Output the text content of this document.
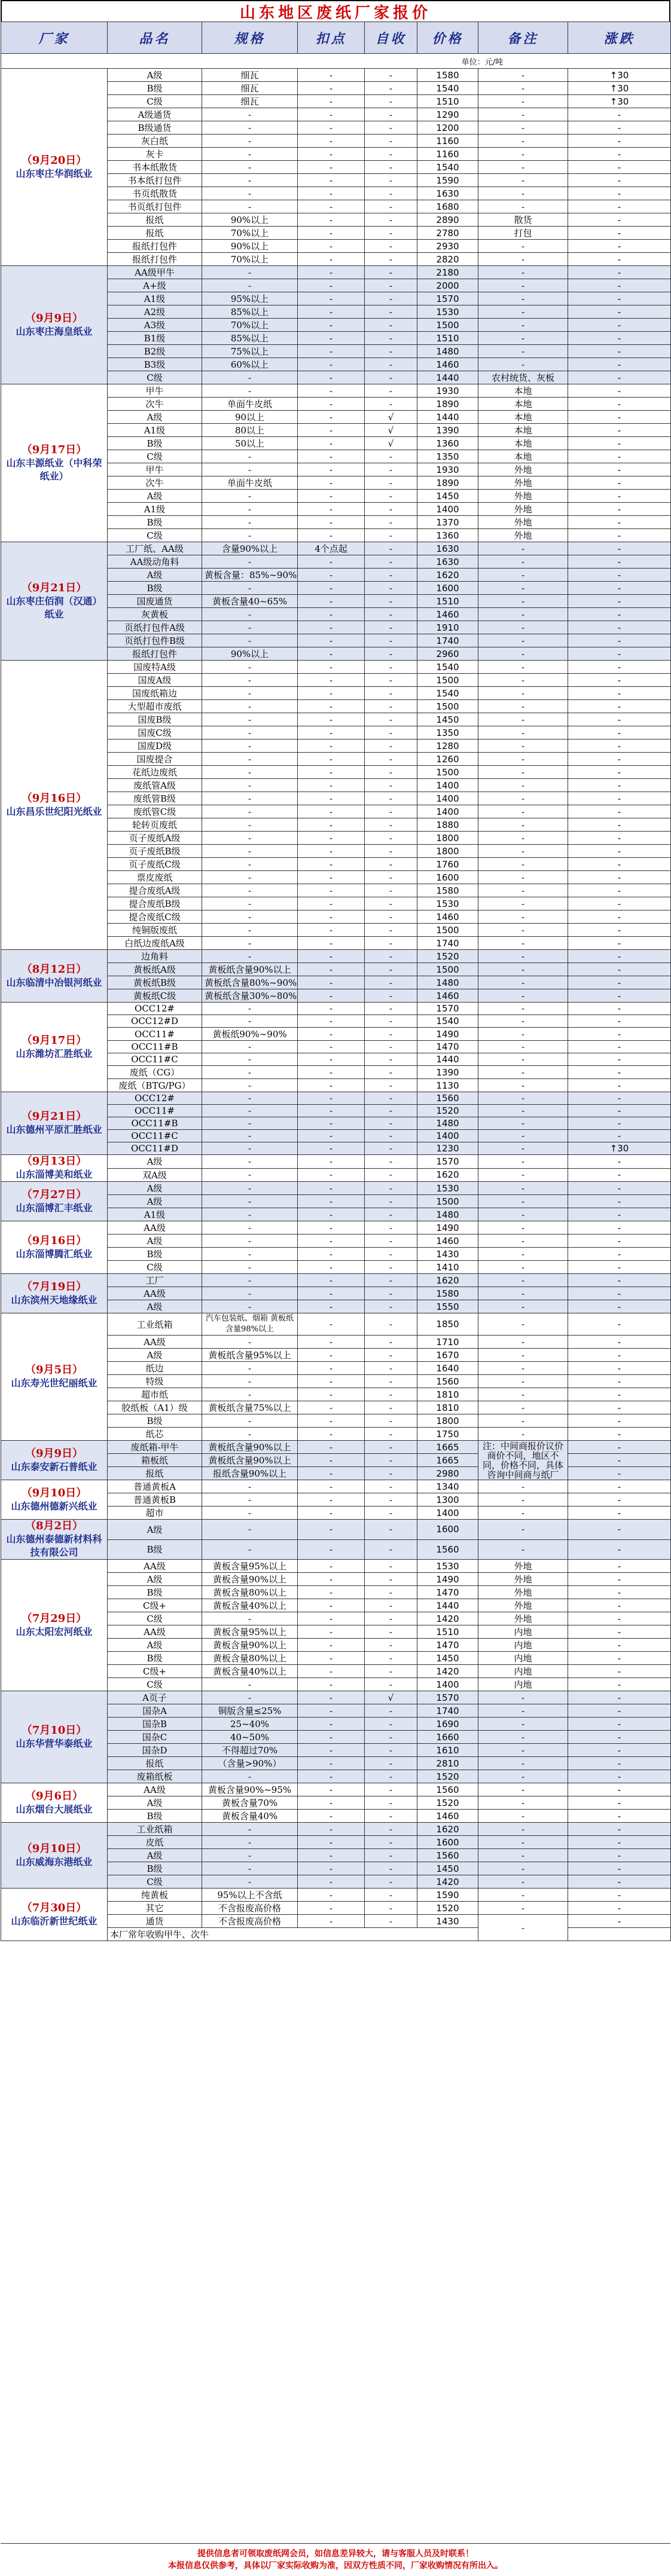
山东地区废纸厂家报价
厂家	品名	规格	扣点	自收	价格	备注	涨跌
单位：元/吨							

（9月20日）
山东枣庄华润纸业	A级	细瓦	-	-	1580	-	↑30
	B级	细瓦	-	-	1540	-	↑30
	C级	细瓦	-	-	1510	-	↑30
	A级通货	-	-	-	1290	-	-
	B级通货	-	-	-	1200	-	-
	灰白纸	-	-	-	1160	-	-
	灰卡	-	-	-	1160	-	-
	书本纸散货	-	-	-	1540	-	-
	书本纸打包件	-	-	-	1590	-	-
	书页纸散货	-	-	-	1630	-	-
	书页纸打包件	-	-	-	1680	-	-
	报纸	90%以上	-	-	2890	散货	-
	报纸	70%以上	-	-	2780	打包	-
	报纸打包件	90%以上	-	-	2930	-	-
	报纸打包件	70%以上	-	-	2820	-	-

（9月9日）
山东枣庄海皇纸业	AA级甲牛	-	-	-	2180	-	-
	A+级	-	-	-	2000	-	-
	A1级	95%以上	-	-	1570	-	-
	A2级	85%以上	-	-	1530	-	-
	A3级	70%以上	-	-	1500	-	-
	B1级	85%以上	-	-	1510	-	-
	B2级	75%以上	-	-	1480	-	-
	B3级	60%以上	-	-	1460	-	-
	C级	-	-	-	1440	农村统货、灰板	-

（9月17日）
山东丰源纸业（中科荣纸业）	甲牛	-	-	-	1930	本地	-
	次牛	单面牛皮纸	-	-	1890	本地	-
	A级	90以上	-	√	1440	本地	-
	A1级	80以上	-	√	1390	本地	-
	B级	50以上	-	√	1360	本地	-
	C级	-	-	-	1350	本地	-
	甲牛	-	-	-	1930	外地	-
	次牛	单面牛皮纸	-	-	1890	外地	-
	A级	-	-	-	1450	外地	-
	A1级	-	-	-	1400	外地	-
	B级	-	-	-	1370	外地	-
	C级	-	-	-	1360	外地	-

（9月21日）
山东枣庄佰润（汉通）纸业	工厂纸、AA级	含量90%以上	4个点起	-	1630	-	-
	AA级动角料	-	-	-	1630	-	-
	A级	黄板含量：85%~90%	-	-	1620	-	-
	B级	-	-	-	1600	-	-
	国废通货	黄板含量40~65%	-	-	1510	-	-
	灰黄板	-	-	-	1460	-	-
	页纸打包件A级	-	-	-	1910	-	-
	页纸打包件B级	-	-	-	1740	-	-
	报纸打包件	90%以上	-	-	2960	-	-

（9月16日）
山东昌乐世纪阳光纸业	国废特A级	-	-	-	1540	-	-
	国废A级	-	-	-	1500	-	-
	国废纸箱边	-	-	-	1540	-	-
	大型超市废纸	-	-	-	1500	-	-
	国废B级	-	-	-	1450	-	-
	国废C级	-	-	-	1350	-	-
	国废D级	-	-	-	1280	-	-
	国废提合	-	-	-	1260	-	-
	花纸边废纸	-	-	-	1500	-	-
	废纸管A级	-	-	-	1400	-	-
	废纸管B级	-	-	-	1400	-	-
	废纸管C级	-	-	-	1400	-	-
	轮转页废纸	-	-	-	1880	-	-
	页子废纸A级	-	-	-	1800	-	-
	页子废纸B级	-	-	-	1800	-	-
	页子废纸C级	-	-	-	1760	-	-
	票皮废纸	-	-	-	1600	-	-
	提合废纸A级	-	-	-	1580	-	-
	提合废纸B级	-	-	-	1530	-	-
	提合废纸C级	-	-	-	1460	-	-
	纯铜版废纸	-	-	-	1500	-	-
	白纸边废纸A级	-	-	-	1740	-	-

（8月12日）
山东临清中冶银河纸业	边角料	-	-	-	1520	-	-
	黄板纸A级	黄板纸含量90%以上	-	-	1500	-	-
	黄板纸B级	黄板纸含量80%~90%	-	-	1480	-	-
	黄板纸C级	黄板纸含量30%~80%	-	-	1460	-	-

（9月17日）
山东潍坊汇胜纸业	OCC12#	-	-	-	1570	-	-
	OCC12#D	-	-	-	1540	-	-
	OCC11#	黄板纸90%~90%	-	-	1490	-	-
	OCC11#B	-	-	-	1470	-	-
	OCC11#C	-	-	-	1440	-	-
	废纸（CG）	-	-	-	1390	-	-
	废纸（BTG/PG）	-	-	-	1130	-	-

（9月21日）
山东德州平原汇胜纸业	OCC12#	-	-	-	1560	-	-
	OCC11#	-	-	-	1520	-	-
	OCC11#B	-	-	-	1480	-	-
	OCC11#C	-	-	-	1400	-	-
	OCC11#D	-	-	-	1230	-	↑30

（9月13日）
山东淄博美和纸业	A级	-	-	-	1570	-	-
	双A级	-	-	-	1620	-	-

（7月27日）
山东淄博汇丰纸业	A级	-	-	-	1530	-	-
	A级	-	-	-	1500	-	-
	A1级	-	-	-	1480	-	-

（9月16日）
山东淄博腾汇纸业	AA级	-	-	-	1490	-	-
	A级	-	-	-	1460	-	-
	B级	-	-	-	1430	-	-
	C级	-	-	-	1410	-	-

（7月19日）
山东滨州天地缘纸业	工厂	-	-	-	1620	-	-
	AA级	-	-	-	1580	-	-
	A级	-	-	-	1550	-	-

（9月5日）
山东寿光世纪丽纸业	工业纸箱	汽车包装纸、烟箱 黄板纸含量98%以上	-	-	1850	-	-
	AA级	-	-	-	1710	-	-
	A级	黄板纸含量95%以上	-	-	1670	-	-
	纸边	-	-	-	1640	-	-
	特级	-	-	-	1560	-	-
	超市纸	-	-	-	1810	-	-
	胶纸板（A1）级	黄板纸含量75%以上	-	-	1810	-	-
	B级	-	-	-	1800	-	-
	纸芯	-	-	-	1750	-	-

（9月9日）
山东泰安新石普纸业	废纸箱-甲牛	黄板纸含量90%以上	-	-	1665	注：中间商报价议价商价不同，地区不同，价格不同，具体咨询中间商与纸厂	-
	箱板纸	黄板纸含量90%以上	-	-	1665		-
	报纸	报纸含量90%以上	-	-	2980		-

（9月10日）
山东德州德新兴纸业	普通黄板A	-	-	-	1340	-	-
	普通黄板B	-	-	-	1300	-	-
	超市	-	-	-	1400	-	-

（8月2日）
山东德州泰德新材料科技有限公司	A级	-	-	-	1600	-	-
	B级	-	-	-	1560	-	-

（7月29日）
山东太阳宏河纸业	AA级	黄板含量95%以上	-	-	1530	外地	-
	A级	黄板含量90%以上	-	-	1490	外地	-
	B级	黄板含量80%以上	-	-	1470	外地	-
	C级+	黄板含量40%以上	-	-	1440	外地	-
	C级	-	-	-	1420	外地	-
	AA级	黄板含量95%以上	-	-	1510	内地	-
	A级	黄板含量90%以上	-	-	1470	内地	-
	B级	黄板含量80%以上	-	-	1450	内地	-
	C级+	黄板含量40%以上	-	-	1420	内地	-
	C级	-	-	-	1400	内地	-

（7月10日）
山东华营华泰纸业	A页子	-	-	√	1570	-	-
	国杂A	铜版含量≤25%	-	-	1740	-	-
	国杂B	25~40%	-	-	1690	-	-
	国杂C	40~50%	-	-	1660	-	-
	国杂D	不得超过70%	-	-	1610	-	-
	报纸	（含量>90%）	-	-	2810	-	-
	废箱纸板	-	-	-	1520	-	-

（9月6日）
山东烟台大展纸业	AA级	黄板含量90%~95%	-	-	1560	-	-
	A级	黄板含量70%	-	-	1520	-	-
	B级	黄板含量40%	-	-	1460	-	-

（9月10日）
山东威海东港纸业	工业纸箱	-	-	-	1620	-	-
	皮纸	-	-	-	1600	-	-
	A级	-	-	-	1560	-	-
	B级	-	-	-	1450	-	-
	C级	-	-	-	1420	-	-

（7月30日）
山东临沂新世纪纸业	纯黄板	95%以上不含纸	-	-	1590	-	-
	其它	不含报废高价格	-	-	1520	-	-
	通货	不含报废高价格	-	-	1430	-	-
	本厂常年收购甲牛、次牛						
提供信息者可领取废纸网会员，如信息差异较大，请与客服人员及时联系！
本报信息仅供参考，具体以厂家实际收购为准，因双方性质不同，厂家收购情况有所出入。
